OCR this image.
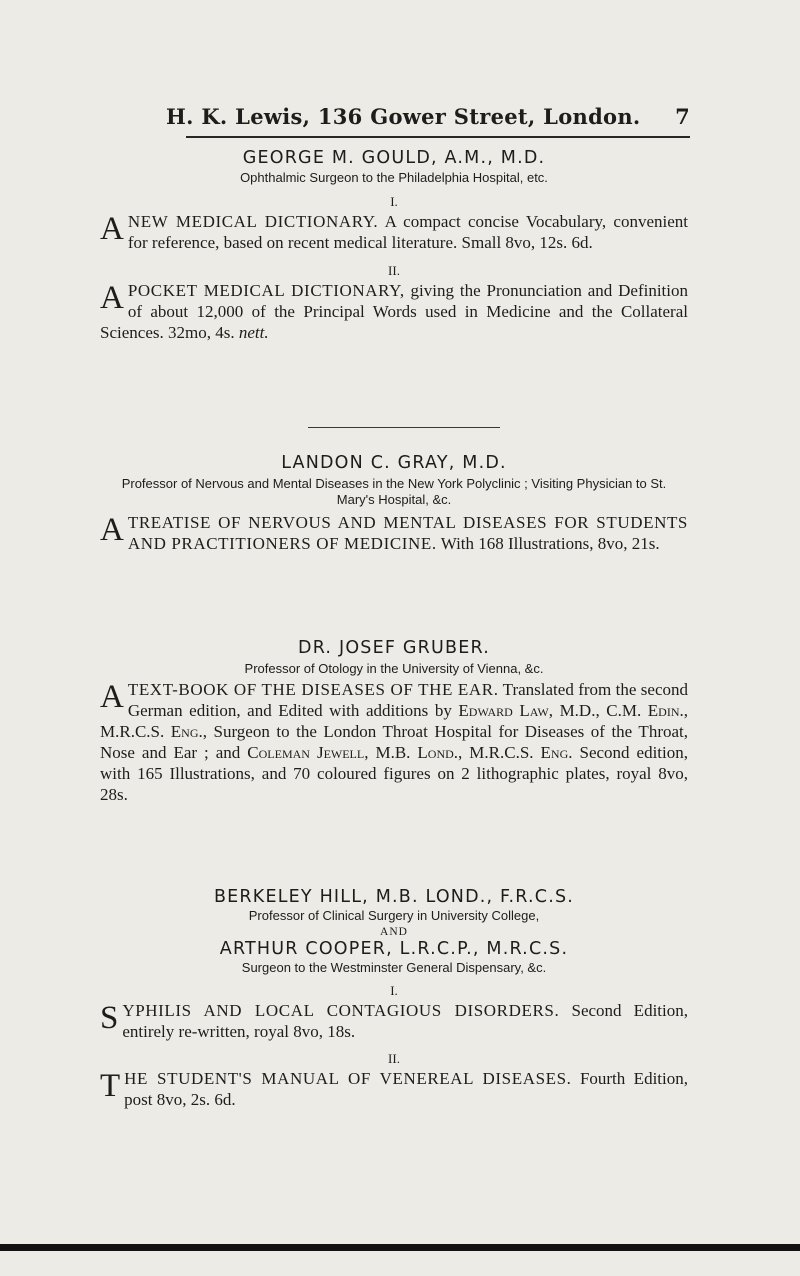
H. K. Lewis, 136 Gower Street, London. 7
GEORGE M. GOULD, A.M., M.D.
Ophthalmic Surgeon to the Philadelphia Hospital, etc.
I.
A NEW MEDICAL DICTIONARY. A compact concise Vocabulary, convenient for reference, based on recent medical literature. Small 8vo, 12s. 6d.
II.
A POCKET MEDICAL DICTIONARY, giving the Pronunciation and Definition of about 12,000 of the Principal Words used in Medicine and the Collateral Sciences. 32mo, 4s. nett.
LANDON C. GRAY, M.D.
Professor of Nervous and Mental Diseases in the New York Polyclinic ; Visiting Physician to St. Mary's Hospital, &c.
A TREATISE OF NERVOUS AND MENTAL DISEASES FOR STUDENTS AND PRACTITIONERS OF MEDICINE. With 168 Illustrations, 8vo, 21s.
DR. JOSEF GRUBER.
Professor of Otology in the University of Vienna, &c.
A TEXT-BOOK OF THE DISEASES OF THE EAR. Translated from the second German edition, and Edited with additions by Edward Law, M.D., C.M. Edin., M.R.C.S. Eng., Surgeon to the London Throat Hospital for Diseases of the Throat, Nose and Ear ; and Coleman Jewell, M.B. Lond., M.R.C.S. Eng. Second edition, with 165 Illustrations, and 70 coloured figures on 2 lithographic plates, royal 8vo, 28s.
BERKELEY HILL, M.B. LOND., F.R.C.S.
Professor of Clinical Surgery in University College,
AND
ARTHUR COOPER, L.R.C.P., M.R.C.S.
Surgeon to the Westminster General Dispensary, &c.
I.
S YPHILIS AND LOCAL CONTAGIOUS DISORDERS. Second Edition, entirely re-written, royal 8vo, 18s.
II.
T HE STUDENT'S MANUAL OF VENEREAL DISEASES. Fourth Edition, post 8vo, 2s. 6d.
